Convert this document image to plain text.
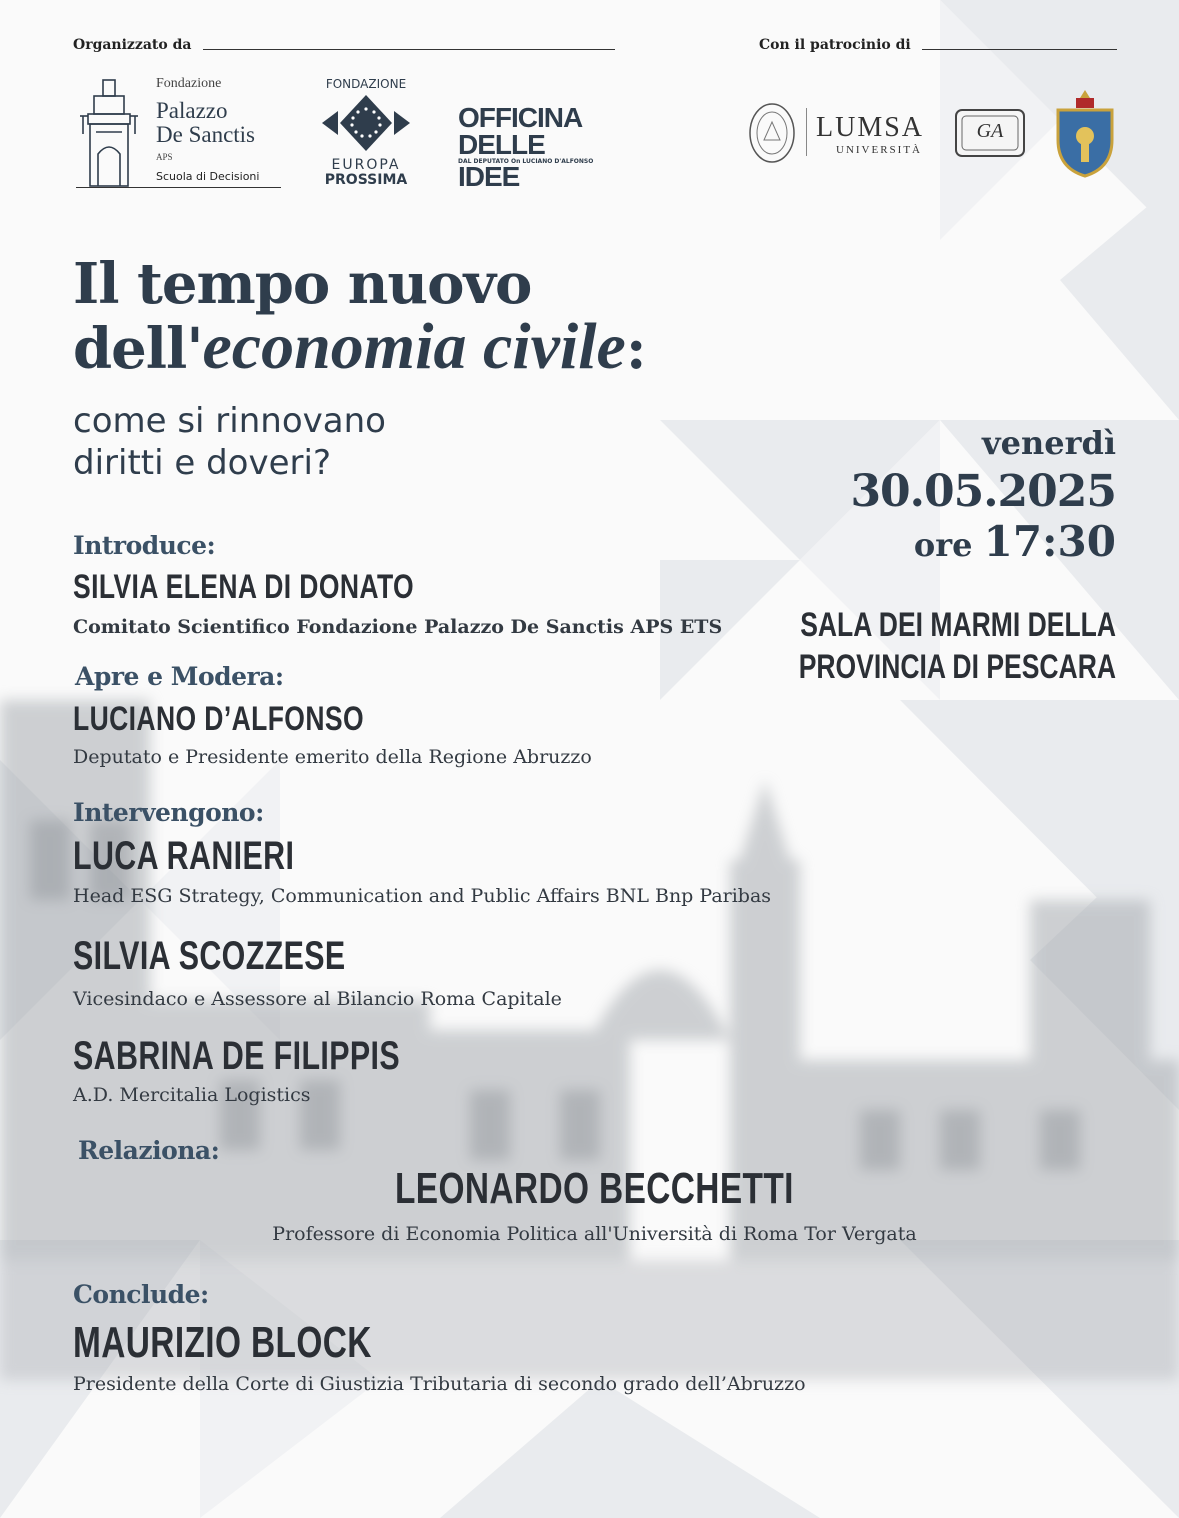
Organizzato da	Con il patrocinio di
Fondazione
Palazzo
De Sanctis
APS
Scuola di Decisioni
FONDAZIONE
EUROPA
PROSSIMA
OFFICINA
DELLE IDEE
DAL DEPUTATO On LUCIANO D'ALFONSO
LUMSA
UNIVERSITÀ
GA
Il tempo nuovo
dell'economia civile:
come si rinnovano
diritti e doveri?	venerdì
30.05.2025
ore 17:30
SALA DEI MARMI DELLA
PROVINCIA DI PESCARA
Introduce:
SILVIA ELENA DI DONATO
Comitato Scientifico Fondazione Palazzo De Sanctis APS ETS
Apre e Modera:
LUCIANO D’ALFONSO
Deputato e Presidente emerito della Regione Abruzzo
Intervengono:
LUCA RANIERI
Head ESG Strategy, Communication and Public Affairs BNL Bnp Paribas
SILVIA SCOZZESE
Vicesindaco e Assessore al Bilancio Roma Capitale
SABRINA DE FILIPPIS
A.D. Mercitalia Logistics
Relaziona:
LEONARDO BECCHETTI
Professore di Economia Politica all'Università di Roma Tor Vergata
Conclude:
MAURIZIO BLOCK
Presidente della Corte di Giustizia Tributaria di secondo grado dell’Abruzzo
